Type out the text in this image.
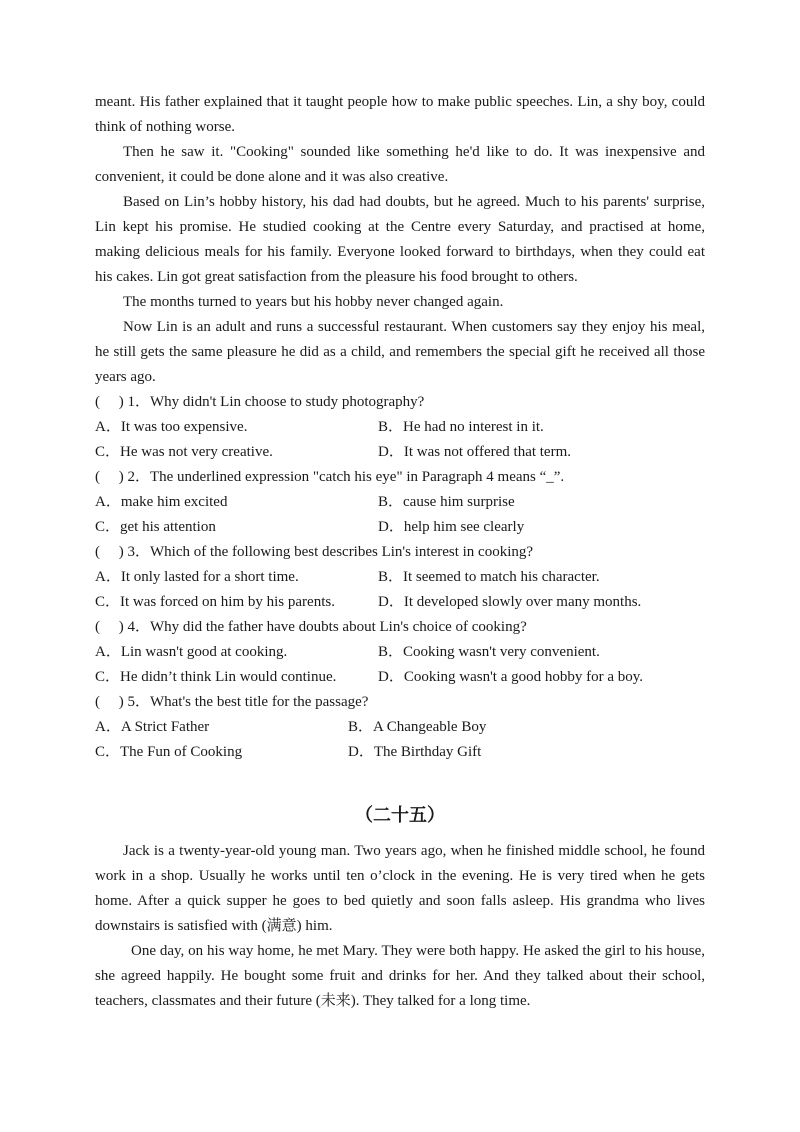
meant. His father explained that it taught people how to make public speeches. Lin, a shy boy, could think of nothing worse.

Then he saw it. "Cooking" sounded like something he'd like to do. It was inexpensive and convenient, it could be done alone and it was also creative.

Based on Lin’s hobby history, his dad had doubts, but he agreed. Much to his parents' surprise, Lin kept his promise. He studied cooking at the Centre every Saturday, and practised at home, making delicious meals for his family. Everyone looked forward to birthdays, when they could eat his cakes. Lin got great satisfaction from the pleasure his food brought to others.

The months turned to years but his hobby never changed again.

Now Lin is an adult and runs a successful restaurant. When customers say they enjoy his meal, he still gets the same pleasure he did as a child, and remembers the special gift he received all those years ago.

(　 ) 1．Why didn't Lin choose to study photography?

A．It was too expensive.	B．He had no interest in it.
C．He was not very creative.	D．It was not offered that term.

(　 ) 2．The underlined expression "catch his eye" in Paragraph 4 means “_”.

A．make him excited	B．cause him surprise
C．get his attention	D．help him see clearly

(　 ) 3．Which of the following best describes Lin's interest in cooking?

A．It only lasted for a short time.	B．It seemed to match his character.
C．It was forced on him by his parents.	D．It developed slowly over many months.

(　 ) 4．Why did the father have doubts about Lin's choice of cooking?

A．Lin wasn't good at cooking.	B．Cooking wasn't very convenient.
C．He didn’t think Lin would continue.	D．Cooking wasn't a good hobby for a boy.

(　 ) 5．What's the best title for the passage?

A．A Strict Father	B．A Changeable Boy
C．The Fun of Cooking	D．The Birthday Gift

（二十五）

Jack is a twenty-year-old young man. Two years ago, when he finished middle school, he found work in a shop. Usually he works until ten o’clock in the evening. He is very tired when he gets home. After a quick supper he goes to bed quietly and soon falls asleep. His grandma who lives downstairs is satisfied with (满意) him.

One day, on his way home, he met Mary. They were both happy. He asked the girl to his house, she agreed happily. He bought some fruit and drinks for her. And they talked about their school, teachers, classmates and their future (未来). They talked for a long time.
